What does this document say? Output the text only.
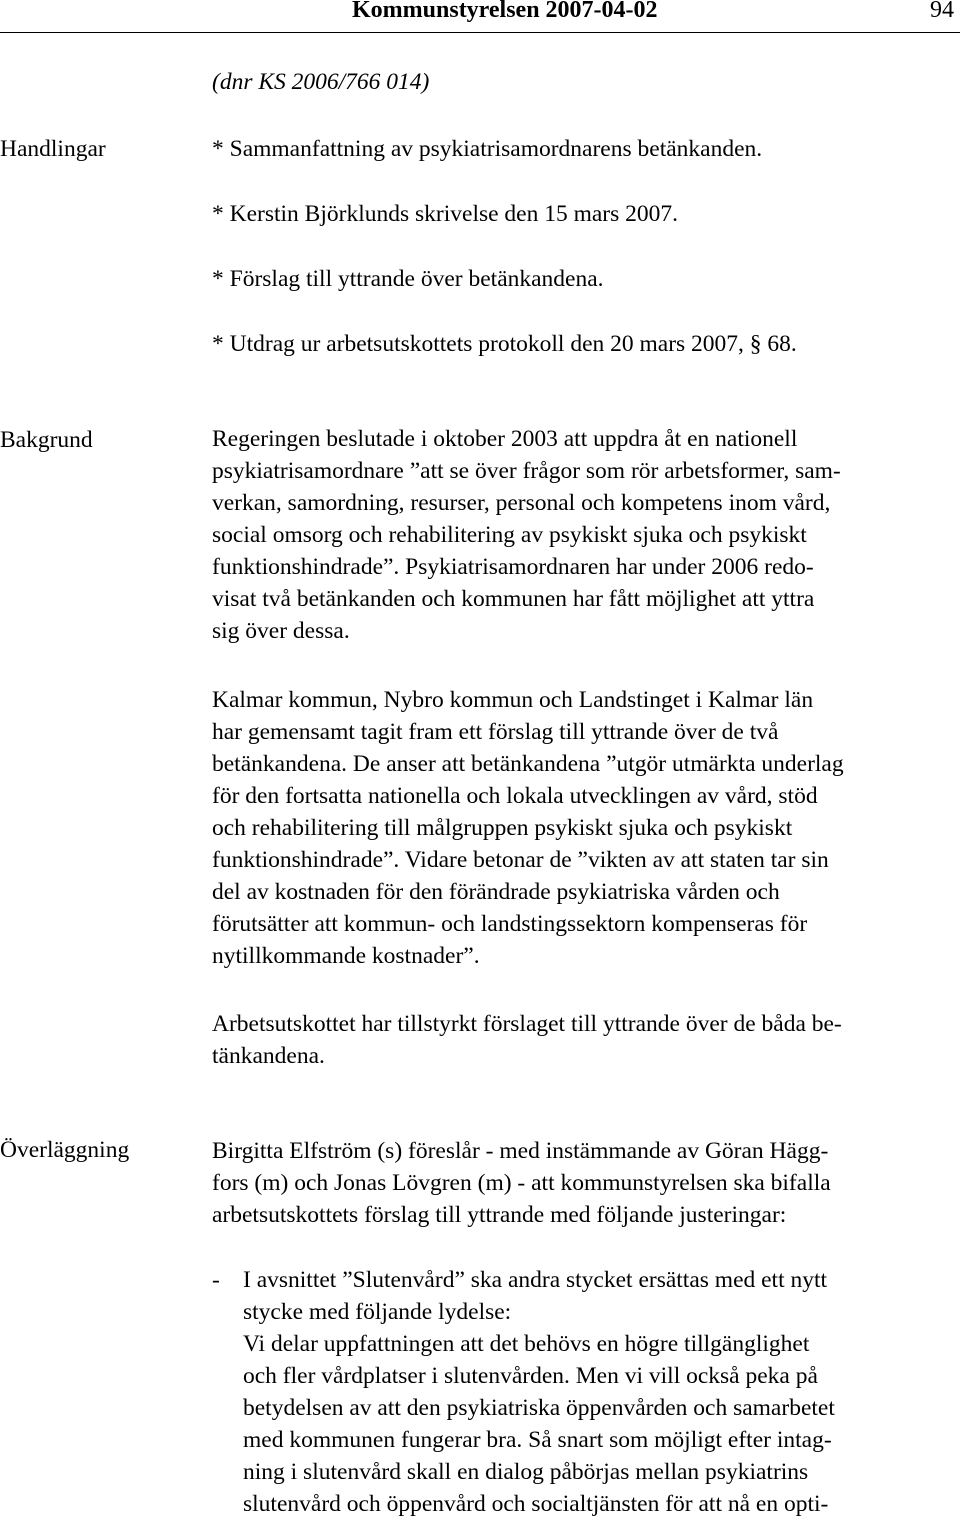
Kommunstyrelsen 2007-04-02	94
(dnr KS 2006/766 014)
Handlingar	* Sammanfattning av psykiatrisamordnarens betänkanden.
* Kerstin Björklunds skrivelse den 15 mars 2007.
* Förslag till yttrande över betänkandena.
* Utdrag ur arbetsutskottets protokoll den 20 mars 2007, § 68.
Bakgrund	Regeringen beslutade i oktober 2003 att uppdra åt en nationell
psykiatrisamordnare ”att se över frågor som rör arbetsformer, sam-
verkan, samordning, resurser, personal och kompetens inom vård,
social omsorg och rehabilitering av psykiskt sjuka och psykiskt
funktionshindrade”. Psykiatrisamordnaren har under 2006 redo-
visat två betänkanden och kommunen har fått möjlighet att yttra
sig över dessa.
Kalmar kommun, Nybro kommun och Landstinget i Kalmar län
har gemensamt tagit fram ett förslag till yttrande över de två
betänkandena. De anser att betänkandena ”utgör utmärkta underlag
för den fortsatta nationella och lokala utvecklingen av vård, stöd
och rehabilitering till målgruppen psykiskt sjuka och psykiskt
funktionshindrade”. Vidare betonar de ”vikten av att staten tar sin
del av kostnaden för den förändrade psykiatriska vården och
förutsätter att kommun- och landstingssektorn kompenseras för
nytillkommande kostnader”.
Arbetsutskottet har tillstyrkt förslaget till yttrande över de båda be-
tänkandena.
Överläggning	Birgitta Elfström (s) föreslår - med instämmande av Göran Hägg-
fors (m) och Jonas Lövgren (m) - att kommunstyrelsen ska bifalla
arbetsutskottets förslag till yttrande med följande justeringar:
- I avsnittet ”Slutenvård” ska andra stycket ersättas med ett nytt
stycke med följande lydelse:
Vi delar uppfattningen att det behövs en högre tillgänglighet
och fler vårdplatser i slutenvården. Men vi vill också peka på
betydelsen av att den psykiatriska öppenvården och samarbetet
med kommunen fungerar bra. Så snart som möjligt efter intag-
ning i slutenvård skall en dialog påbörjas mellan psykiatrins
slutenvård och öppenvård och socialtjänsten för att nå en opti-
